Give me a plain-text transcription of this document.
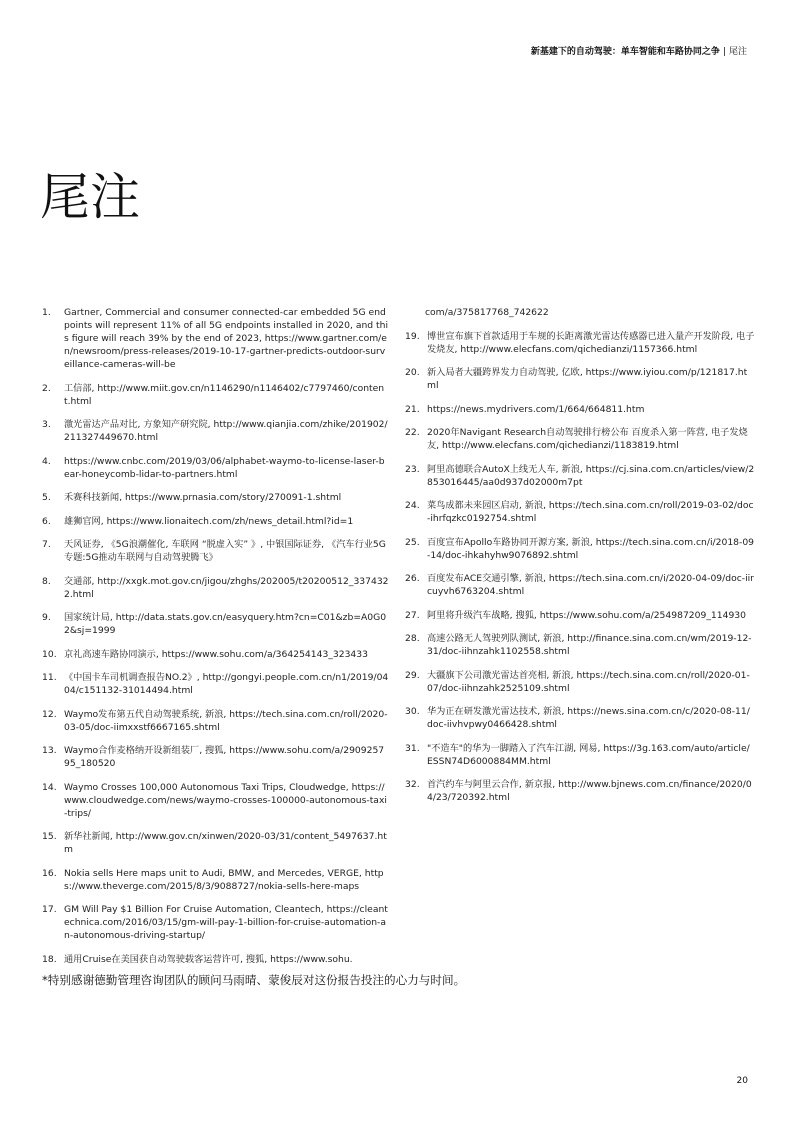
新基建下的自动驾驶：单车智能和车路协同之争 | 尾注
尾注
1.	Gartner, Commercial and consumer connected-car embedded 5G endpoints will represent 11% of all 5G endpoints installed in 2020, and this figure will reach 39% by the end of 2023, https://www.gartner.com/en/newsroom/press-releases/2019-10-17-gartner-predicts-outdoor-surveillance-cameras-will-be
2.	工信部, http://www.miit.gov.cn/n1146290/n1146402/c7797460/content.html
3.	激光雷达产品对比, 方象知产研究院, http://www.qianjia.com/zhike/201902/211327449670.html
4.	https://www.cnbc.com/2019/03/06/alphabet-waymo-to-license-laser-bear-honeycomb-lidar-to-partners.html
5.	禾赛科技新闻, https://www.prnasia.com/story/270091-1.shtml
6.	雄狮官网, https://www.lionaitech.com/zh/news_detail.html?id=1
7.	天风证券, 《5G浪潮催化, 车联网 “脱虚入实” 》, 中银国际证券, 《汽车行业5G专题:5G推动车联网与自动驾驶腾飞》
8.	交通部, http://xxgk.mot.gov.cn/jigou/zhghs/202005/t20200512_3374322.html
9.	国家统计局, http://data.stats.gov.cn/easyquery.htm?cn=C01&zb=A0G02&sj=1999
10. 京礼高速车路协同演示, https://www.sohu.com/a/364254143_323433
11. 《中国卡车司机调查报告NO.2》, http://gongyi.people.com.cn/n1/2019/0404/c151132-31014494.html
12. Waymo发布第五代自动驾驶系统, 新浪, https://tech.sina.com.cn/roll/2020-03-05/doc-iimxxstf6667165.shtml
13. Waymo合作麦格纳开设新组装厂, 搜狐, https://www.sohu.com/a/290925795_180520
14. Waymo Crosses 100,000 Autonomous Taxi Trips, Cloudwedge, https://www.cloudwedge.com/news/waymo-crosses-100000-autonomous-taxi-trips/
15. 新华社新闻, http://www.gov.cn/xinwen/2020-03/31/content_5497637.htm
16. Nokia sells Here maps unit to Audi, BMW, and Mercedes, VERGE, https://www.theverge.com/2015/8/3/9088727/nokia-sells-here-maps
17. GM Will Pay $1 Billion For Cruise Automation, Cleantech, https://cleantechnica.com/2016/03/15/gm-will-pay-1-billion-for-cruise-automation-an-autonomous-driving-startup/
18. 通用Cruise在美国获自动驾驶载客运营许可, 搜狐, https://www.sohu.
com/a/375817768_742622
19. 博世宣布旗下首款适用于车规的长距离激光雷达传感器已进入量产开发阶段, 电子发烧友, http://www.elecfans.com/qichedianzi/1157366.html
20. 新入局者大疆跨界发力自动驾驶, 亿欧, https://www.iyiou.com/p/121817.html
21. https://news.mydrivers.com/1/664/664811.htm
22. 2020年Navigant Research自动驾驶排行榜公布 百度杀入第一阵营, 电子发烧友, http://www.elecfans.com/qichedianzi/1183819.html
23. 阿里高德联合AutoX上线无人车, 新浪, https://cj.sina.com.cn/articles/view/2853016445/aa0d937d02000m7pt
24. 菜鸟成都未来园区启动, 新浪, https://tech.sina.com.cn/roll/2019-03-02/doc-ihrfqzkc0192754.shtml
25. 百度宣布Apollo车路协同开源方案, 新浪, https://tech.sina.com.cn/i/2018-09-14/doc-ihkahyhw9076892.shtml
26. 百度发布ACE交通引擎, 新浪, https://tech.sina.com.cn/i/2020-04-09/doc-iircuyvh6763204.shtml
27. 阿里将升级汽车战略, 搜狐, https://www.sohu.com/a/254987209_114930
28. 高速公路无人驾驶列队测试, 新浪, http://finance.sina.com.cn/wm/2019-12-31/doc-iihnzahk1102558.shtml
29. 大疆旗下公司激光雷达首亮相, 新浪, https://tech.sina.com.cn/roll/2020-01-07/doc-iihnzahk2525109.shtml
30. 华为正在研发激光雷达技术, 新浪, https://news.sina.com.cn/c/2020-08-11/doc-iivhvpwy0466428.shtml
31. "不造车"的华为一脚踏入了汽车江湖, 网易, https://3g.163.com/auto/article/ESSN74D6000884MM.html
32. 首汽约车与阿里云合作, 新京报, http://www.bjnews.com.cn/finance/2020/04/23/720392.html
*特别感谢德勤管理咨询团队的顾问马雨晴、蒙俊辰对这份报告投注的心力与时间。
20
